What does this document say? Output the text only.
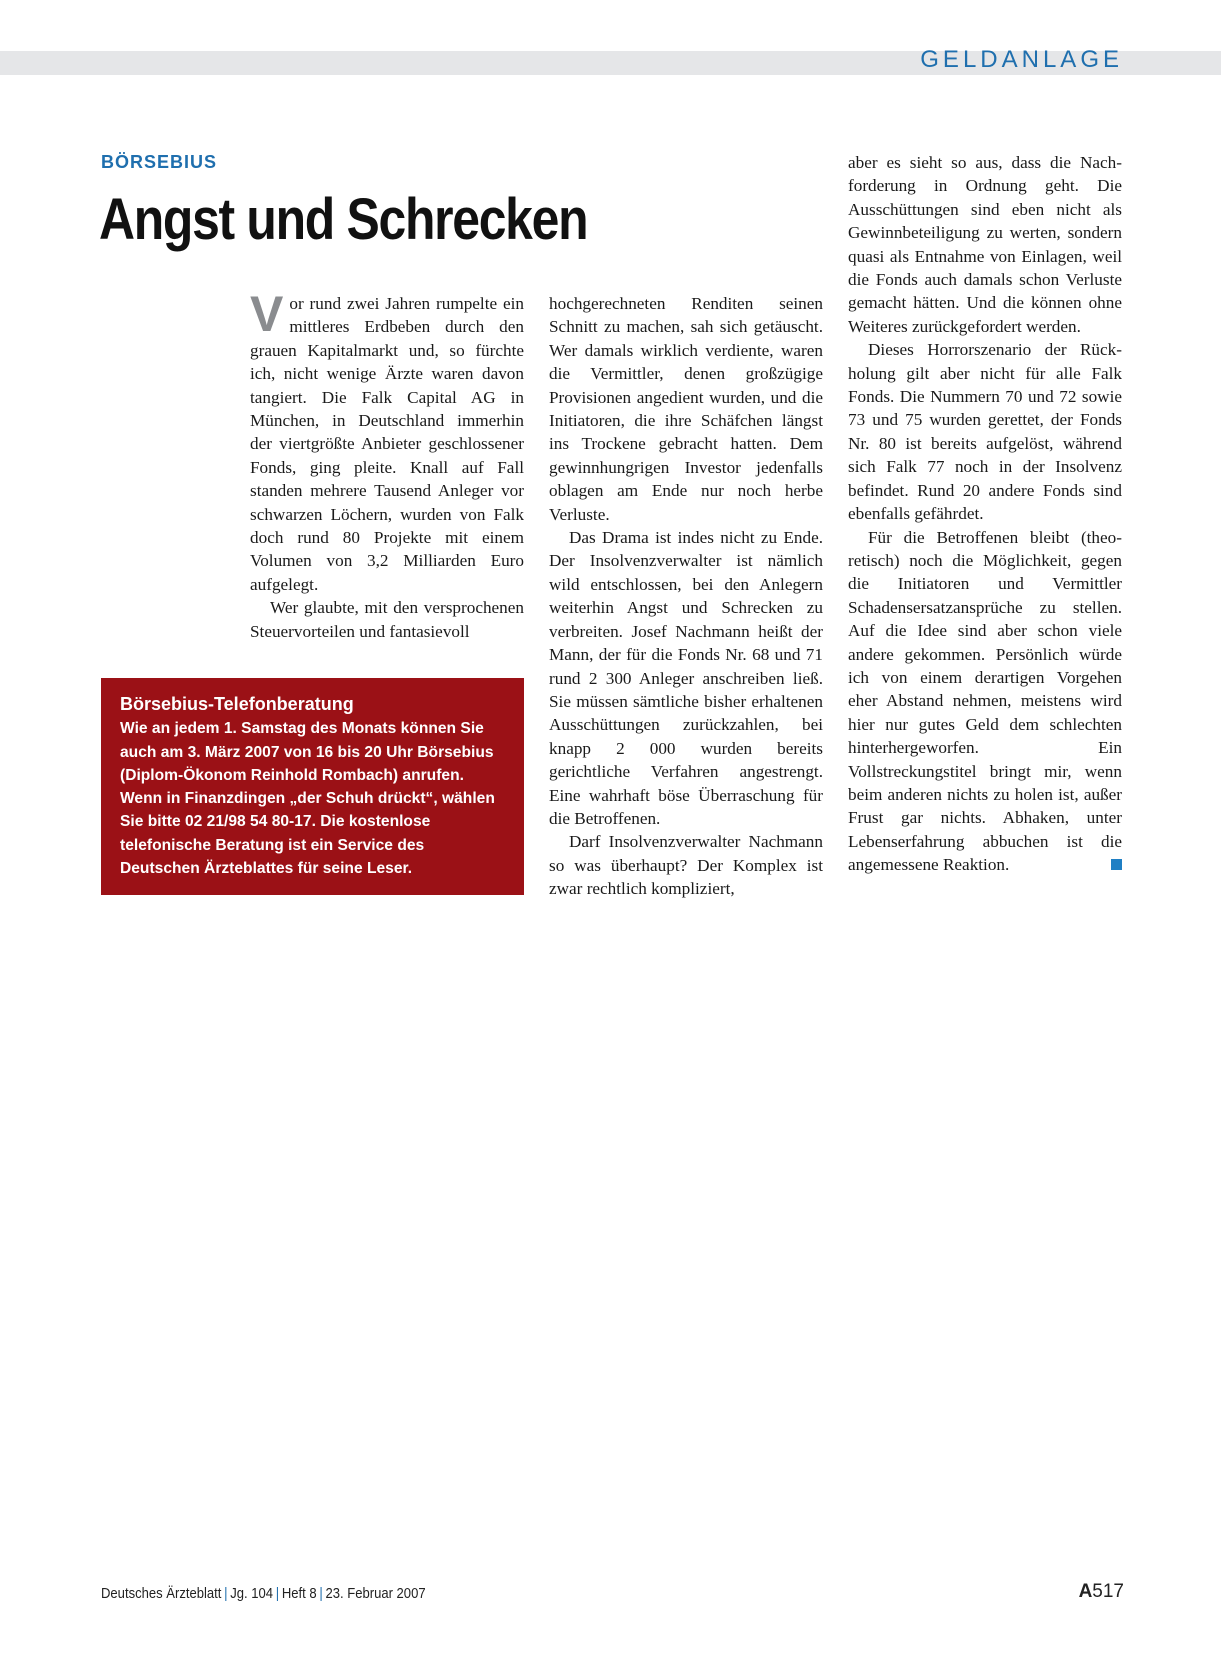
GELDANLAGE
BÖRSEBIUS
Angst und Schrecken

Vor rund zwei Jahren rumpelte ein mittleres Erdbeben durch den grauen Kapitalmarkt und, so fürchte ich, nicht wenige Ärzte waren davon tangiert. Die Falk Capital AG in München, in Deutschland immerhin der viertgrößte Anbieter geschlossener Fonds, ging pleite. Knall auf Fall standen mehrere Tausend Anleger vor schwarzen Löchern, wurden von Falk doch rund 80 Projekte mit einem Volumen von 3,2 Milliarden Euro aufgelegt.

Wer glaubte, mit den versprochenen Steuervorteilen und fantasievoll

hochgerechneten Renditen seinen Schnitt zu machen, sah sich getäuscht. Wer damals wirklich verdiente, waren die Vermittler, denen großzügige Provisionen angedient wurden, und die Initiatoren, die ihre Schäfchen längst ins Trockene gebracht hatten. Dem gewinnhungrigen Investor jedenfalls oblagen am Ende nur noch herbe Verluste.

Das Drama ist indes nicht zu Ende. Der Insolvenzverwalter ist nämlich wild entschlossen, bei den Anlegern weiterhin Angst und Schrecken zu verbreiten. Josef Nachmann heißt der Mann, der für die Fonds Nr. 68 und 71 rund 2 300 Anleger anschreiben ließ. Sie müssen sämtliche bisher erhaltenen Ausschüttungen zurückzahlen, bei knapp 2 000 wurden bereits gerichtliche Verfahren angestrengt. Eine wahrhaft böse Überraschung für die Betroffenen.

Darf Insolvenzverwalter Nachmann so was überhaupt? Der Komplex ist zwar rechtlich kompliziert,

aber es sieht so aus, dass die Nachforderung in Ordnung geht. Die Ausschüttungen sind eben nicht als Gewinnbeteiligung zu werten, sondern quasi als Entnahme von Einlagen, weil die Fonds auch damals schon Verluste gemacht hätten. Und die können ohne Weiteres zurückgefordert werden.

Dieses Horrorszenario der Rückholung gilt aber nicht für alle Falk Fonds. Die Nummern 70 und 72 sowie 73 und 75 wurden gerettet, der Fonds Nr. 80 ist bereits aufgelöst, während sich Falk 77 noch in der Insolvenz befindet. Rund 20 andere Fonds sind ebenfalls gefährdet.

Für die Betroffenen bleibt (theoretisch) noch die Möglichkeit, gegen die Initiatoren und Vermittler Schadensersatzansprüche zu stellen. Auf die Idee sind aber schon viele andere gekommen. Persönlich würde ich von einem derartigen Vorgehen eher Abstand nehmen, meistens wird hier nur gutes Geld dem schlechten hinterhergeworfen. Ein Vollstreckungstitel bringt mir, wenn beim anderen nichts zu holen ist, außer Frust gar nichts. Abhaken, unter Lebenserfahrung abbuchen ist die angemessene Reaktion.

Börsebius-Telefonberatung
Wie an jedem 1. Samstag des Monats können Sie auch am 3. März 2007 von 16 bis 20 Uhr Börsebius (Diplom-Ökonom Reinhold Rombach) anrufen. Wenn in Finanzdingen „der Schuh drückt“, wählen Sie bitte 02 21/98 54 80-17. Die kostenlose telefonische Beratung ist ein Service des Deutschen Ärzteblattes für seine Leser.
Deutsches Ärzteblatt | Jg. 104 | Heft 8 | 23. Februar 2007	A517
